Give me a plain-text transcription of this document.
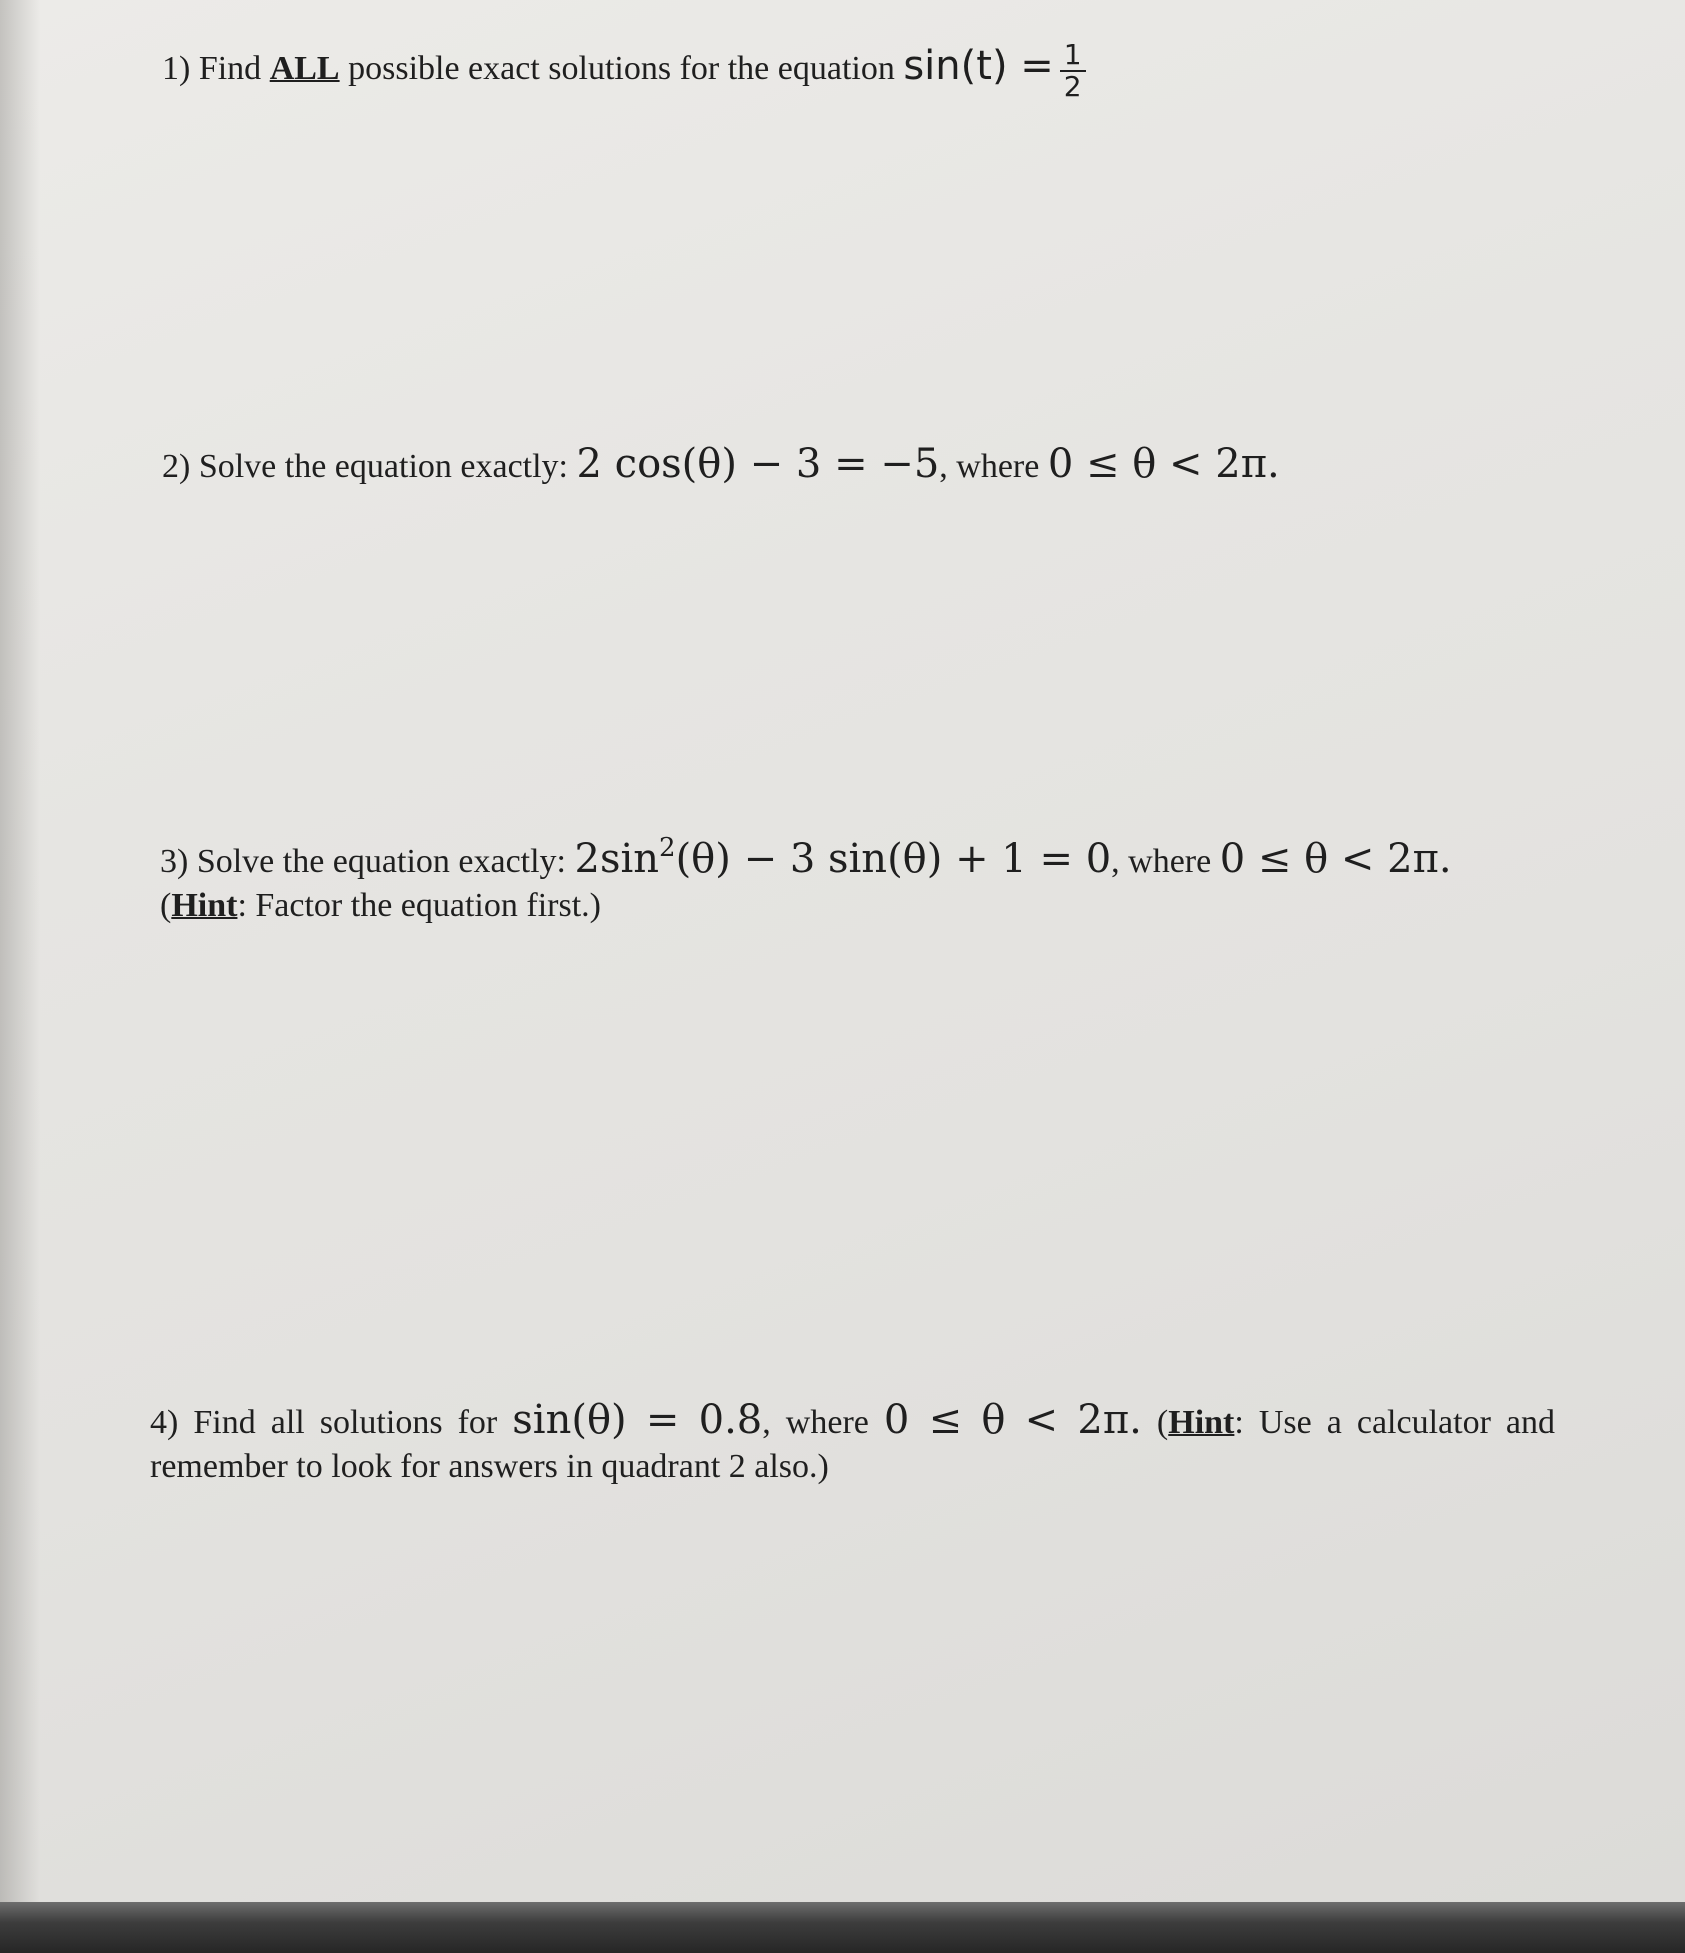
1) Find ALL possible exact solutions for the equation $\sin(t) = \frac{1}{2}$
2) Solve the equation exactly: 2 cos(θ) − 3 = −5, where 0 ≤ θ < 2π.
3) Solve the equation exactly: $2\sin^2(\theta) - 3$ sin(θ) + 1 = 0, where 0 ≤ θ < 2π.
(Hint: Factor the equation first.)
4) Find all solutions for sin(θ) = 0.8, where 0 ≤ θ < 2π. (Hint: Use a calculator and
remember to look for answers in quadrant 2 also.)
